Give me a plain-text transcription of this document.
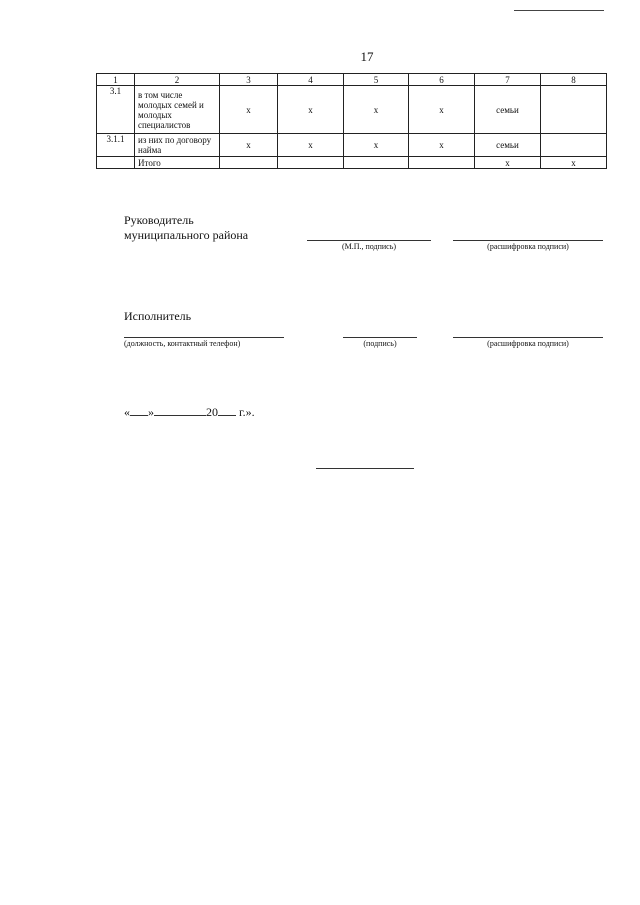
17
1	2	3	4	5	6	7	8
3.1	в том числе молодых семей и молодых специалистов	х	х	х	х	семьи	
3.1.1	из них по договору найма	х	х	х	х	семьи	
	Итого					х	х
Руководитель
муниципального района
(М.П., подпись)	(расшифровка подписи)
Исполнитель
(должность, контактный телефон)	(подпись)	(расшифровка подписи)
« »	20 г.».
